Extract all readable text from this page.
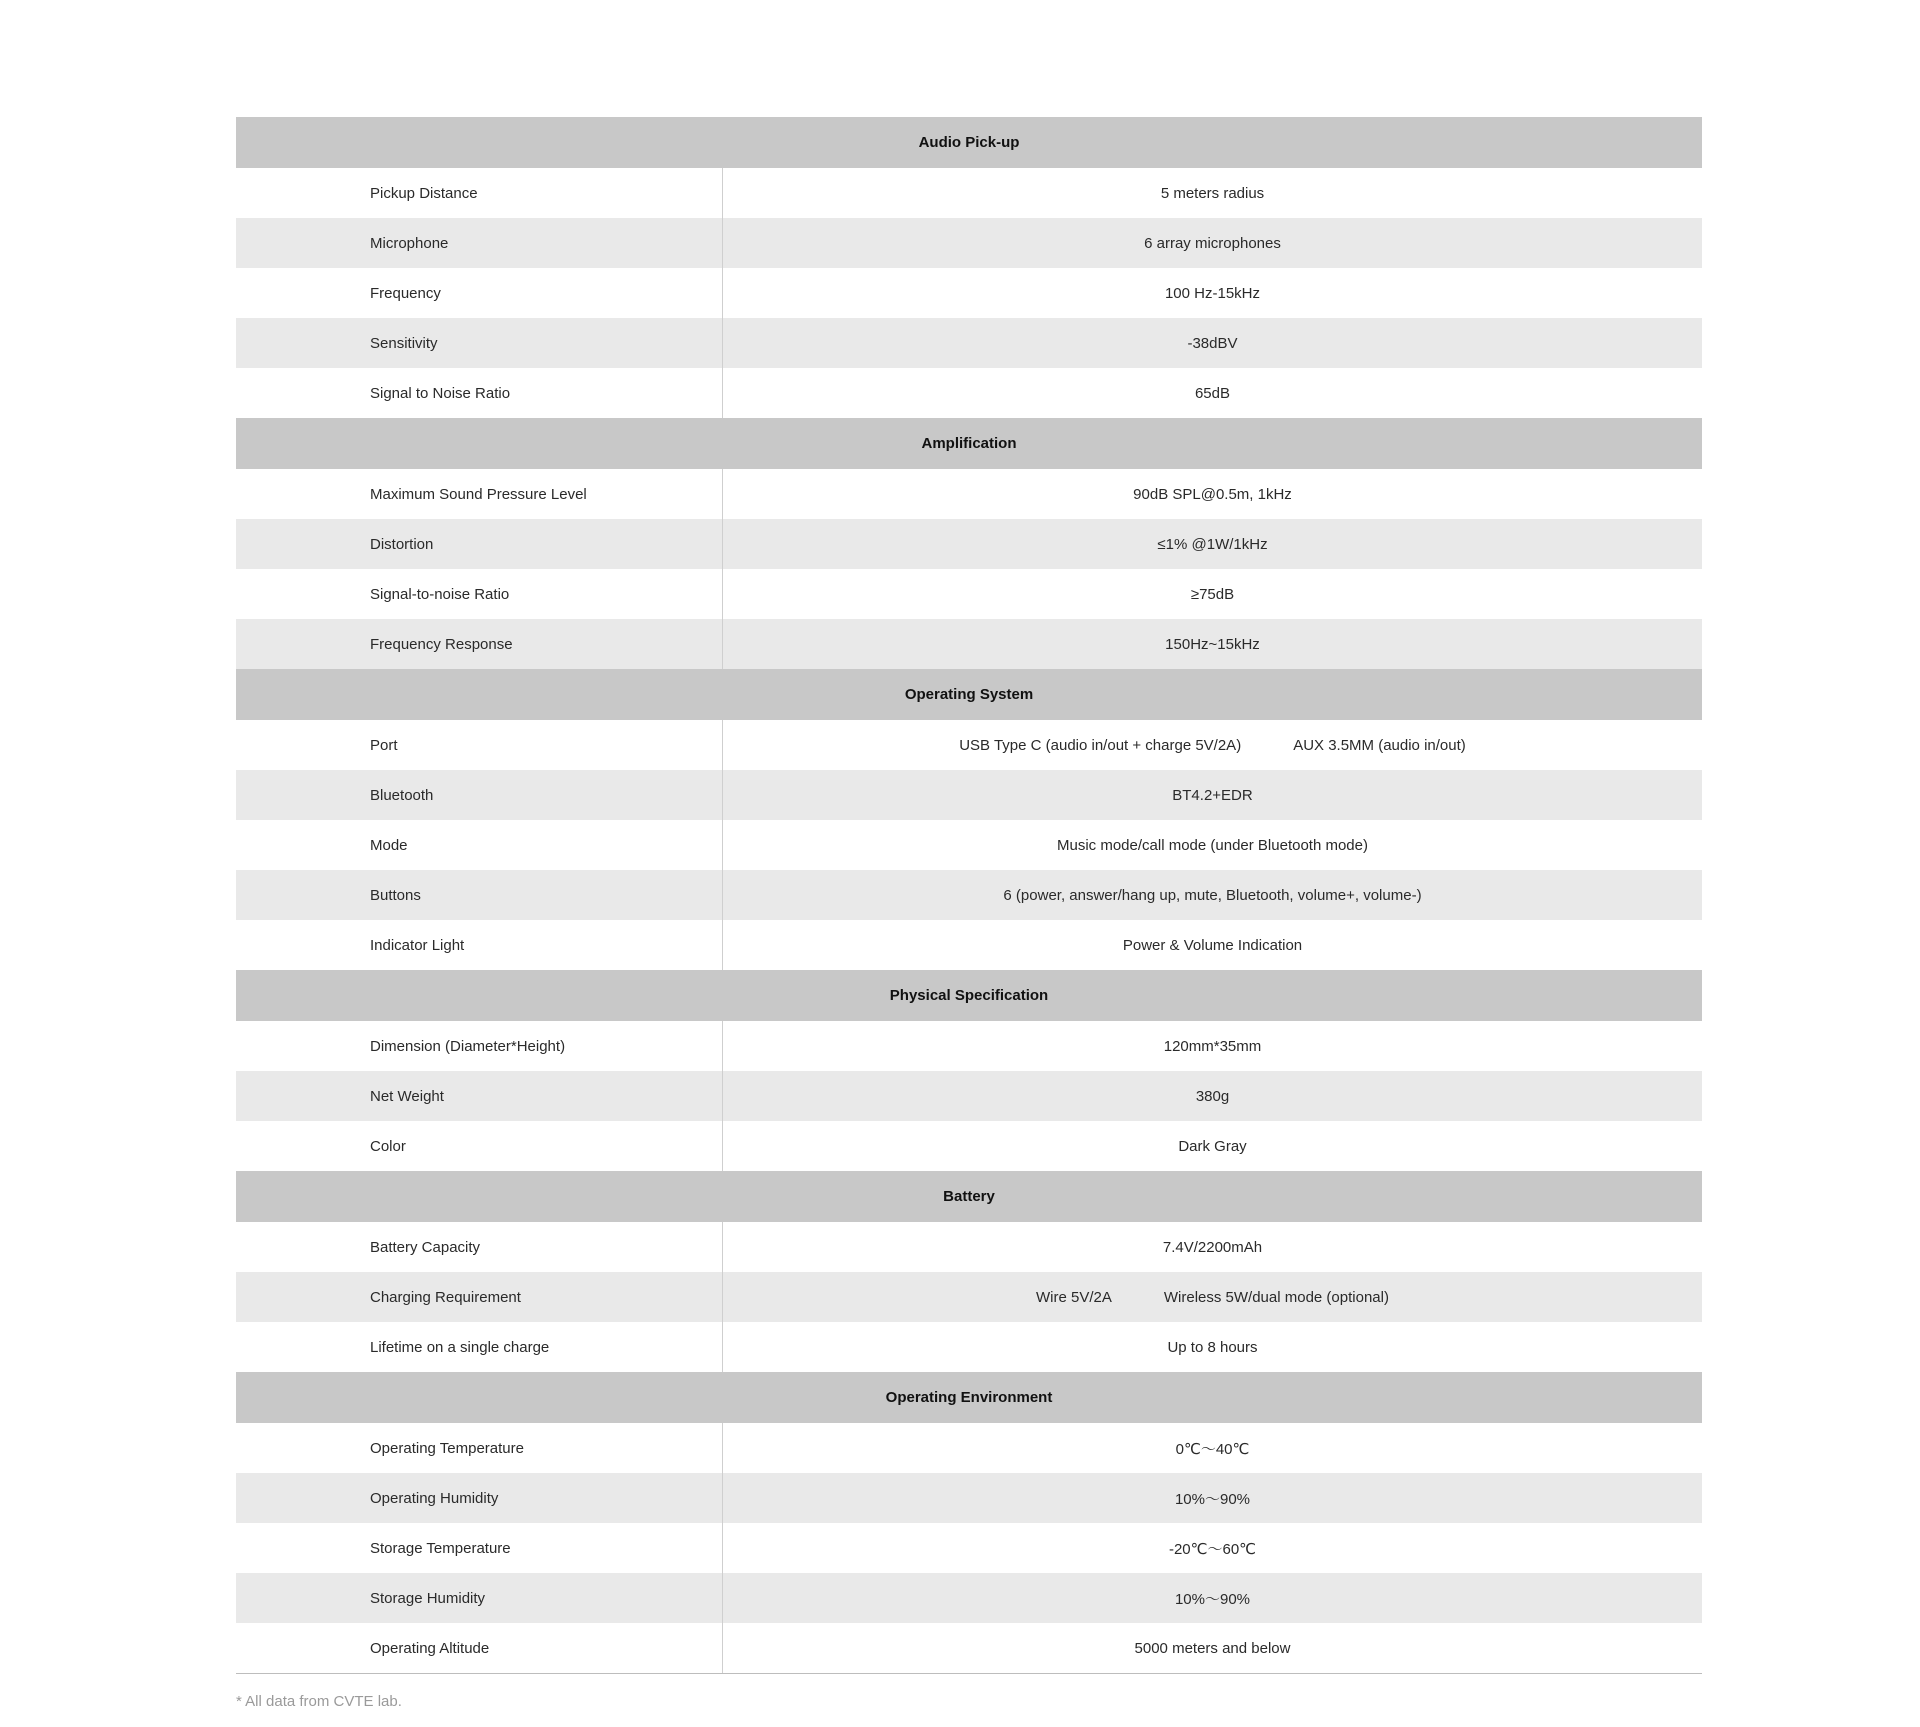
Audio Pick-up
Pickup Distance	5 meters radius
Microphone	6 array microphones
Frequency	100 Hz-15kHz
Sensitivity	-38dBV
Signal to Noise Ratio	65dB
Amplification
Maximum Sound Pressure Level	90dB SPL@0.5m, 1kHz
Distortion	≤1% @1W/1kHz
Signal-to-noise Ratio	≥75dB
Frequency Response	150Hz~15kHz
Operating System
Port	USB Type C (audio in/out + charge 5V/2A)	AUX 3.5MM (audio in/out)
Bluetooth	BT4.2+EDR
Mode	Music mode/call mode (under Bluetooth mode)
Buttons	6 (power, answer/hang up, mute, Bluetooth, volume+, volume-)
Indicator Light	Power & Volume Indication
Physical Specification
Dimension (Diameter*Height)	120mm*35mm
Net Weight	380g
Color	Dark Gray
Battery
Battery Capacity	7.4V/2200mAh
Charging Requirement	Wire 5V/2A	Wireless 5W/dual mode (optional)
Lifetime on a single charge	Up to 8 hours
Operating Environment
Operating Temperature	0℃～40℃
Operating Humidity	10%～90%
Storage Temperature	-20℃～60℃
Storage Humidity	10%～90%
Operating Altitude	5000 meters and below
* All data from CVTE lab.
